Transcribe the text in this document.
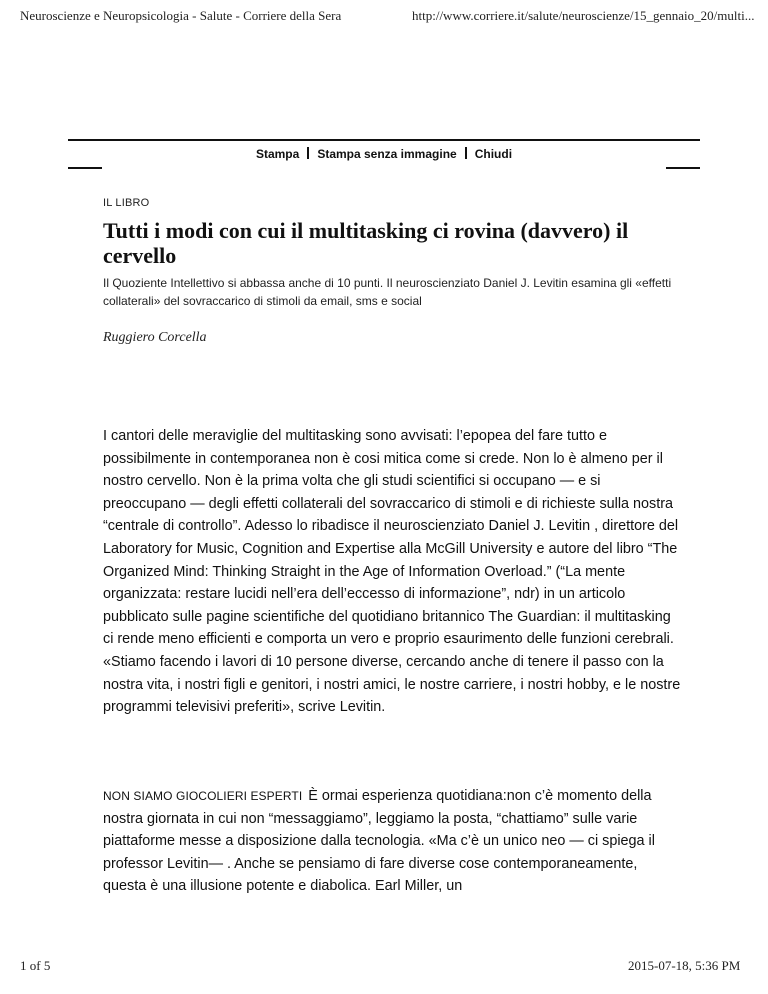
Neuroscienze e Neuropsicologia - Salute - Corriere della Sera	http://www.corriere.it/salute/neuroscienze/15_gennaio_20/multi...
Stampa Stampa senza immagine Chiudi
IL LIBRO
Tutti i modi con cui il multitasking ci rovina (davvero) il cervello
Il Quoziente Intellettivo si abbassa anche di 10 punti. Il neuroscienziato Daniel J. Levitin esamina gli «effetti collaterali» del sovraccarico di stimoli da email, sms e social
Ruggiero Corcella
I cantori delle meraviglie del multitasking sono avvisati: l’epopea del fare tutto e possibilmente in contemporanea non è cosi mitica come si crede. Non lo è almeno per il nostro cervello. Non è la prima volta che gli studi scientifici si occupano — e si preoccupano — degli effetti collaterali del sovraccarico di stimoli e di richieste sulla nostra “centrale di controllo”. Adesso lo ribadisce il neuroscienziato Daniel J. Levitin , direttore del Laboratory for Music, Cognition and Expertise alla McGill University e autore del libro “The Organized Mind: Thinking Straight in the Age of Information Overload.” (“La mente organizzata: restare lucidi nell’era dell’eccesso di informazione”, ndr) in un articolo pubblicato sulle pagine scientifiche del quotidiano britannico The Guardian: il multitasking ci rende meno efficienti e comporta un vero e proprio esaurimento delle funzioni cerebrali. «Stiamo facendo i lavori di 10 persone diverse, cercando anche di tenere il passo con la nostra vita, i nostri figli e genitori, i nostri amici, le nostre carriere, i nostri hobby, e le nostre programmi televisivi preferiti», scrive Levitin.
NON SIAMO GIOCOLIERI ESPERTI È ormai esperienza quotidiana:non c’è momento della nostra giornata in cui non “messaggiamo”, leggiamo la posta, “chattiamo” sulle varie piattaforme messe a disposizione dalla tecnologia. «Ma c’è un unico neo — ci spiega il professor Levitin— . Anche se pensiamo di fare diverse cose contemporaneamente, questa è una illusione potente e diabolica. Earl Miller, un
1 of 5	2015-07-18, 5:36 PM
